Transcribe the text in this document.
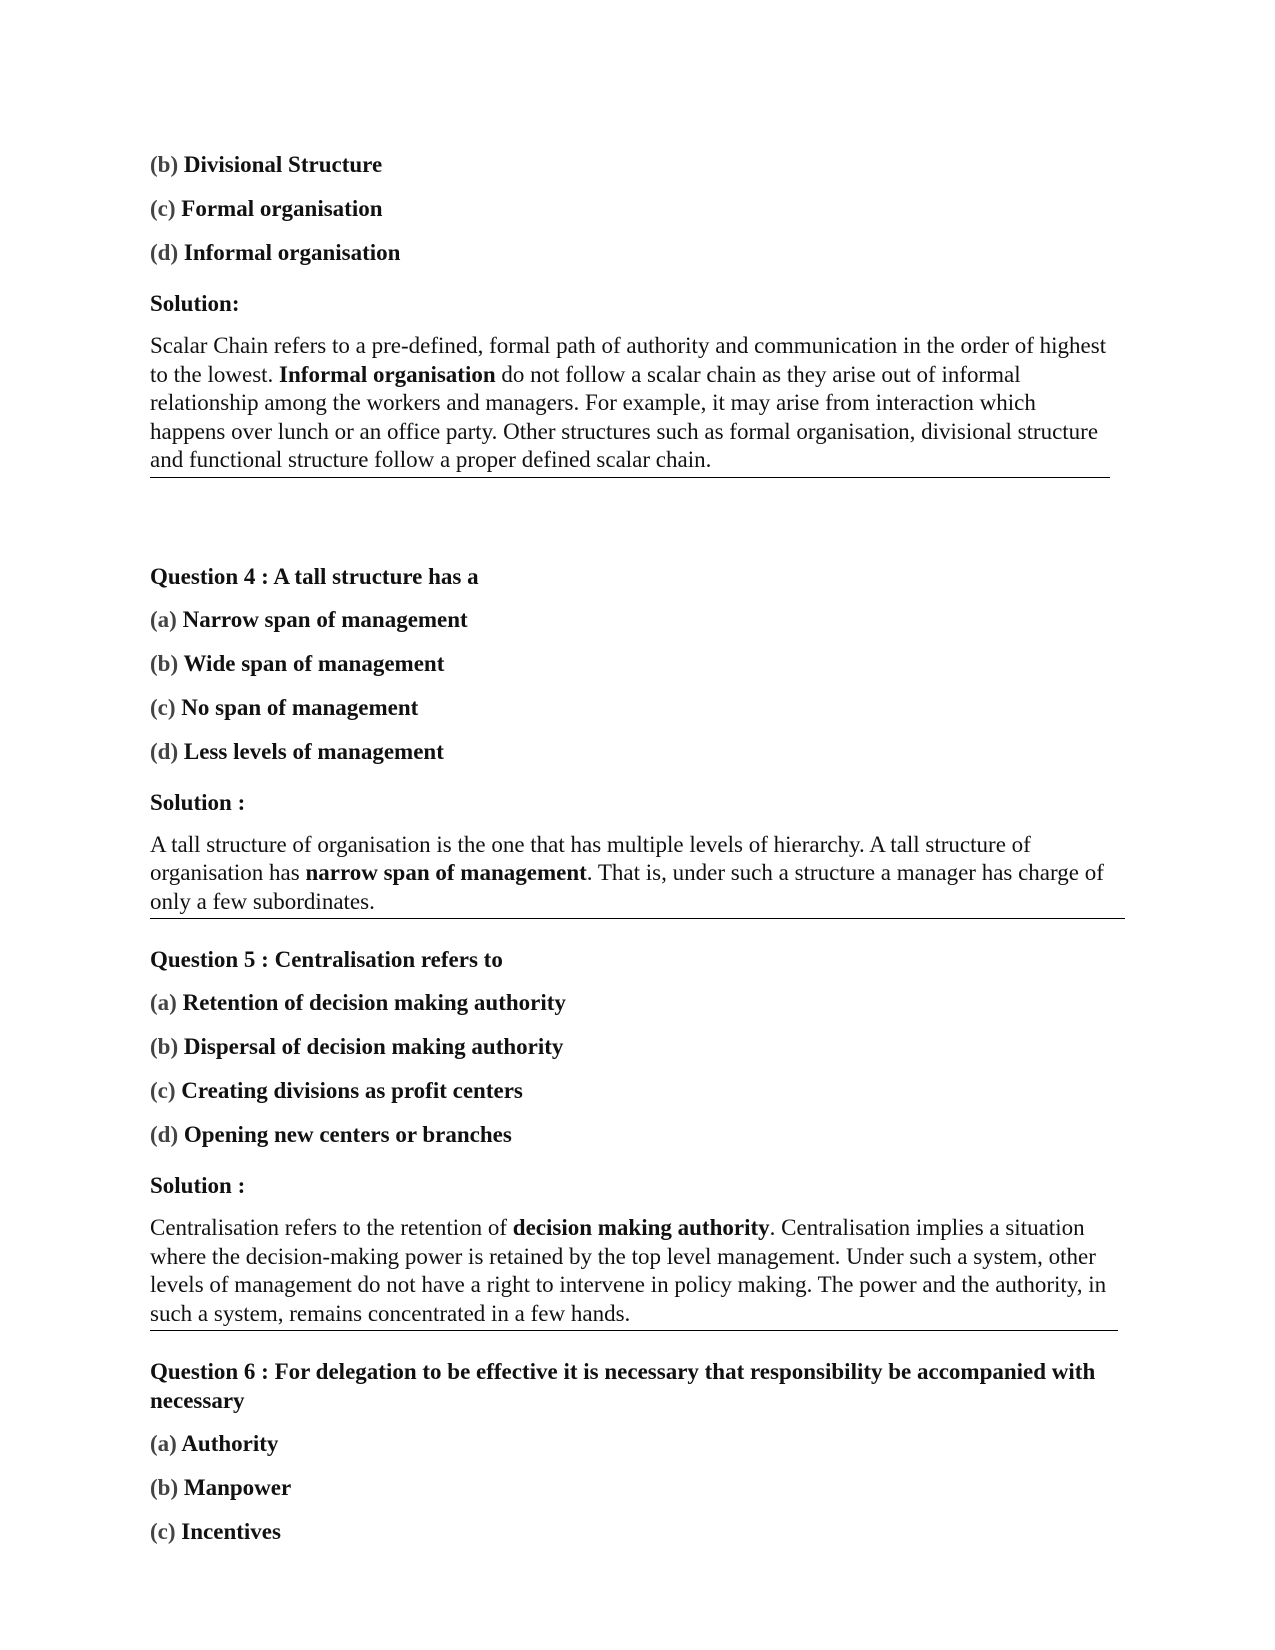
(b) Divisional Structure
(c) Formal organisation
(d) Informal organisation
Solution:

Scalar Chain refers to a pre-defined, formal path of authority and communication in the order of highest to the lowest. Informal organisation do not follow a scalar chain as they arise out of informal relationship among the workers and managers. For example, it may arise from interaction which happens over lunch or an office party. Other structures such as formal organisation, divisional structure and functional structure follow a proper defined scalar chain.

Question 4 : A tall structure has a
(a) Narrow span of management
(b) Wide span of management
(c) No span of management
(d) Less levels of management
Solution :

A tall structure of organisation is the one that has multiple levels of hierarchy. A tall structure of organisation has narrow span of management. That is, under such a structure a manager has charge of only a few subordinates.

Question 5 : Centralisation refers to
(a) Retention of decision making authority
(b) Dispersal of decision making authority
(c) Creating divisions as profit centers
(d) Opening new centers or branches
Solution :

Centralisation refers to the retention of decision making authority. Centralisation implies a situation where the decision-making power is retained by the top level management. Under such a system, other levels of management do not have a right to intervene in policy making. The power and the authority, in such a system, remains concentrated in a few hands.

Question 6 : For delegation to be effective it is necessary that responsibility be accompanied with necessary
(a) Authority
(b) Manpower
(c) Incentives
